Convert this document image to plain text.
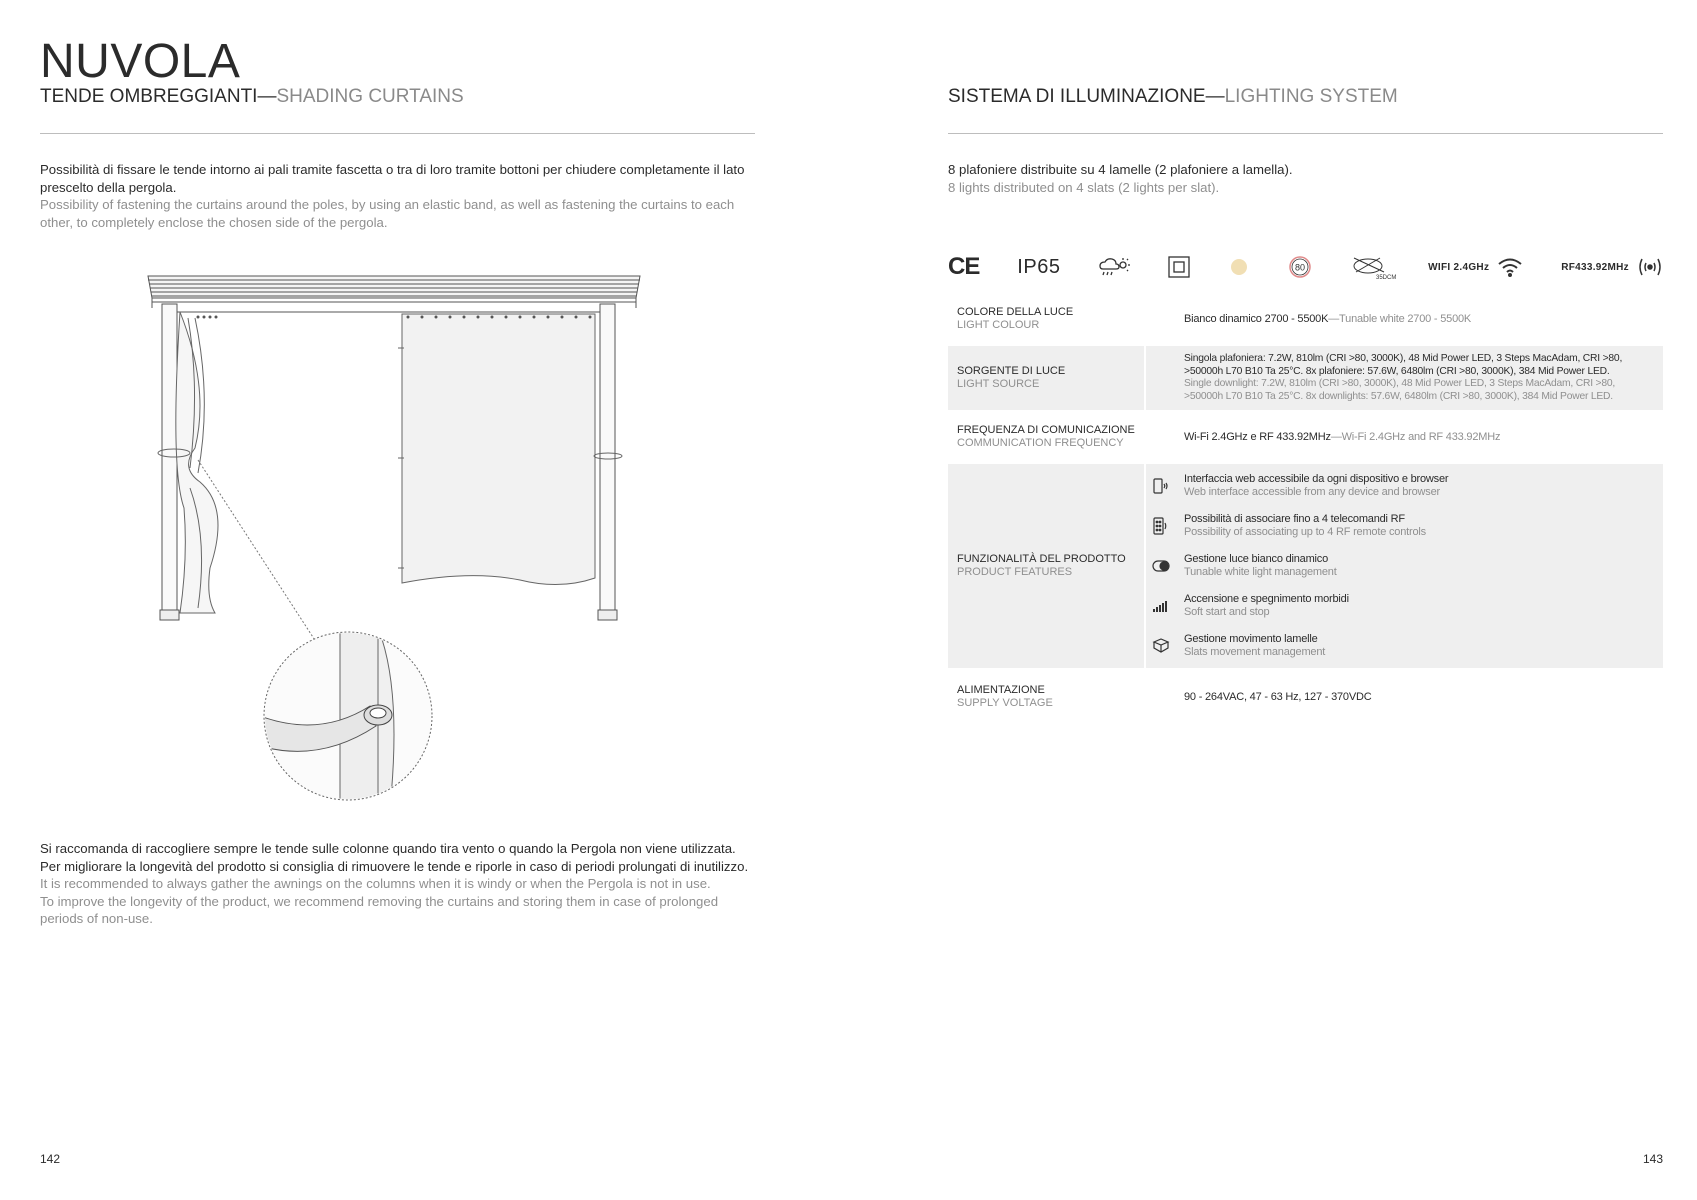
NUVOLA
TENDE OMBREGGIANTI—SHADING CURTAINS
Possibilità di fissare le tende intorno ai pali tramite fascetta o tra di loro tramite bottoni per chiudere completamente il lato prescelto della pergola.
Possibility of fastening the curtains around the poles, by using an elastic band, as well as fastening the curtains to each other, to completely enclose the chosen side of the pergola.
Si raccomanda di raccogliere sempre le tende sulle colonne quando tira vento o quando la Pergola non viene utilizzata.
Per migliorare la longevità del prodotto si consiglia di rimuovere le tende e riporle in caso di periodi prolungati di inutilizzo.
It is recommended to always gather the awnings on the columns when it is windy or when the Pergola is not in use.
To improve the longevity of the product, we recommend removing the curtains and storing them in case of prolonged periods of non-use.
142
SISTEMA DI ILLUMINAZIONE—LIGHTING SYSTEM
8 plafoniere distribuite su 4 lamelle (2 plafoniere a lamella).
8 lights distributed on 4 slats (2 lights per slat).
CE IP65	80
35DCM
WIFI 2.4GHz	RF433.92MHz
COLORE DELLA LUCE
LIGHT COLOUR
Bianco dinamico 2700 - 5500K—Tunable white 2700 - 5500K
SORGENTE DI LUCE
LIGHT SOURCE
Singola plafoniera: 7.2W, 810lm (CRI >80, 3000K), 48 Mid Power LED, 3 Steps MacAdam, CRI >80, >50000h L70 B10 Ta 25°C. 8x plafoniere: 57.6W, 6480lm (CRI >80, 3000K), 384 Mid Power LED.
Single downlight: 7.2W, 810lm (CRI >80, 3000K), 48 Mid Power LED, 3 Steps MacAdam, CRI >80, >50000h L70 B10 Ta 25°C. 8x downlights: 57.6W, 6480lm (CRI >80, 3000K), 384 Mid Power LED.
FREQUENZA DI COMUNICAZIONE
COMMUNICATION FREQUENCY
Wi-Fi 2.4GHz e RF 433.92MHz—Wi-Fi 2.4GHz and RF 433.92MHz
FUNZIONALITÀ DEL PRODOTTO
PRODUCT FEATURES
Interfaccia web accessibile da ogni dispositivo e browser
Web interface accessible from any device and browser
Possibilità di associare fino a 4 telecomandi RF
Possibility of associating up to 4 RF remote controls
Gestione luce bianco dinamico
Tunable white light management
Accensione e spegnimento morbidi
Soft start and stop
Gestione movimento lamelle
Slats movement management
ALIMENTAZIONE
SUPPLY VOLTAGE
90 - 264VAC, 47 - 63 Hz, 127 - 370VDC
143
